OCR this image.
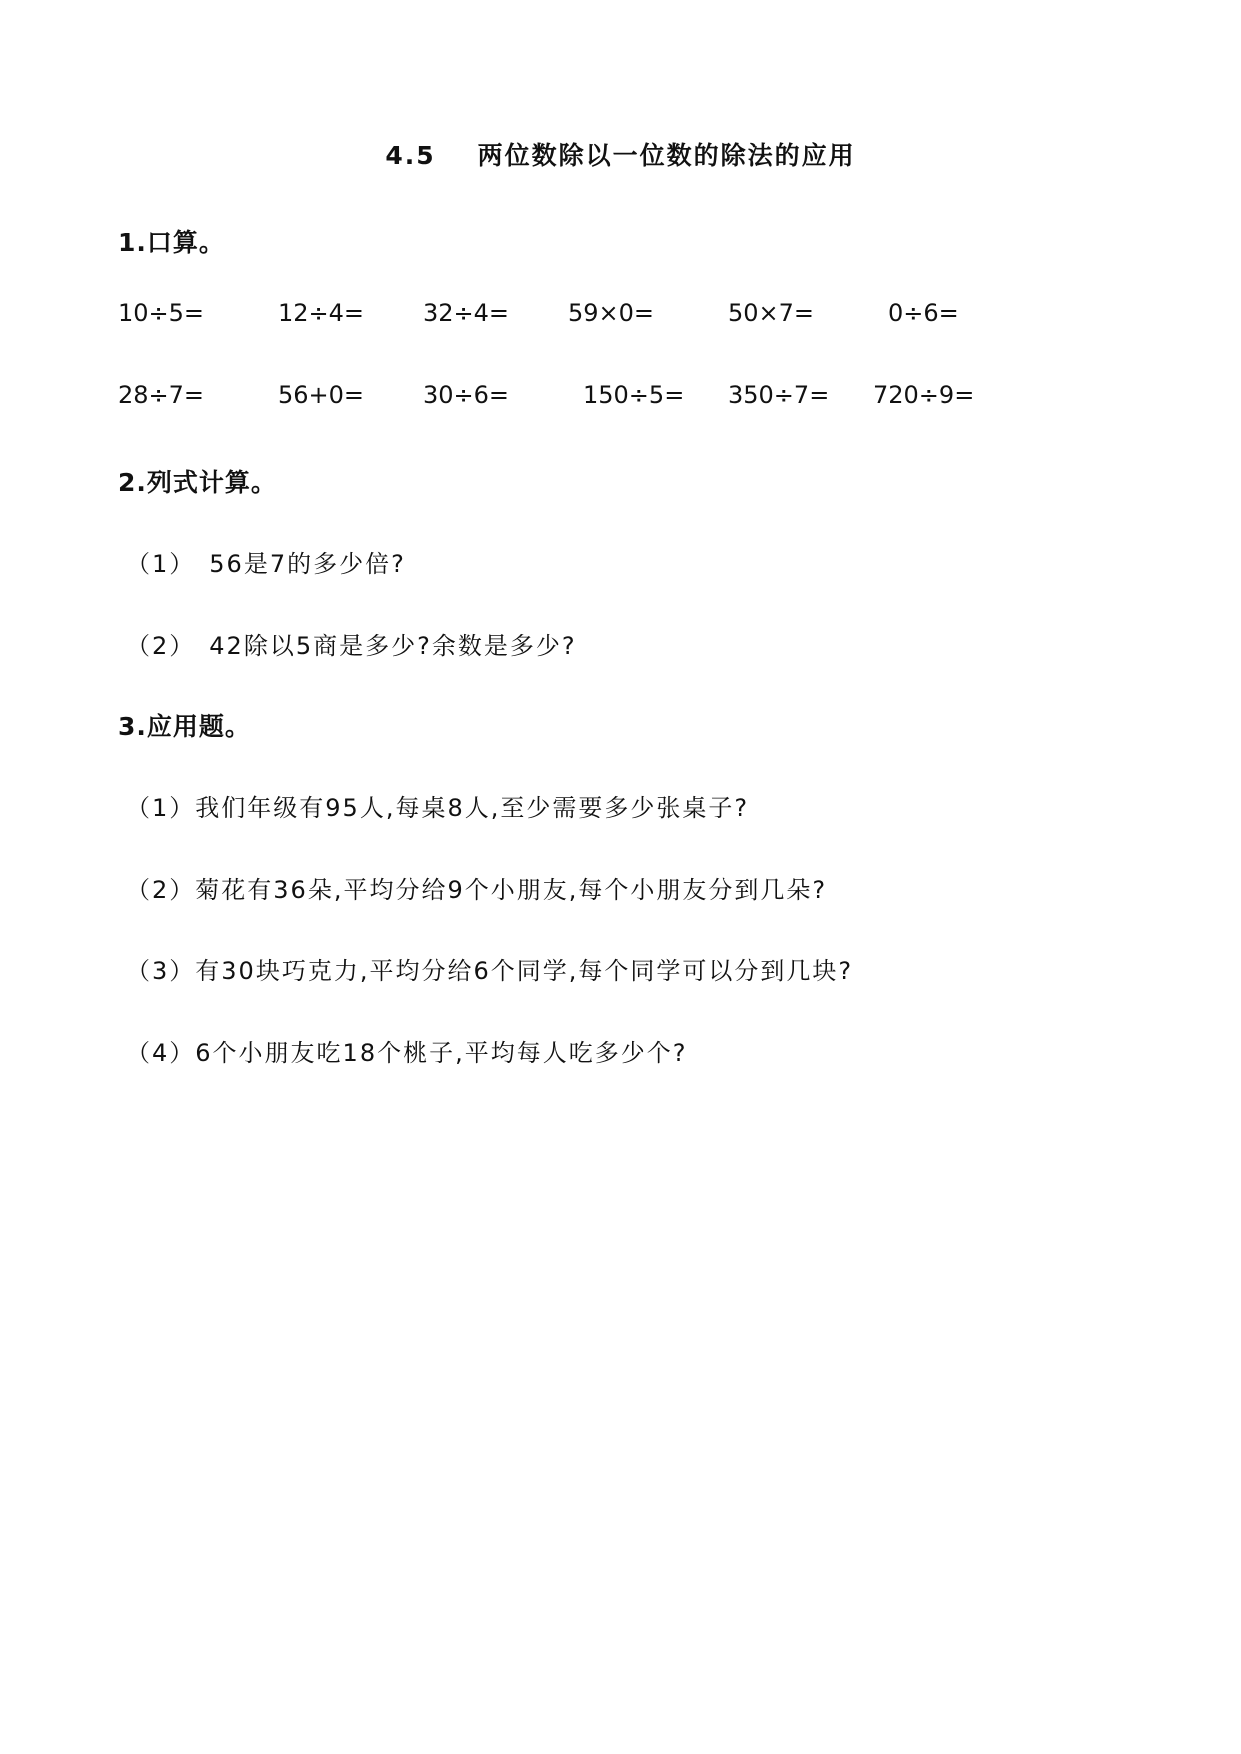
4.5 两位数除以一位数的除法的应用
1.口算。
10÷5=	12÷4= 32÷4= 59×0=	50×7=	0÷6=
28÷7=	56+0= 30÷6=	150÷5= 350÷7= 720÷9=
2.列式计算。
（1） 56是7的多少倍?
（2） 42除以5商是多少?余数是多少?
3.应用题。
（1）我们年级有95人,每桌8人,至少需要多少张桌子?
（2）菊花有36朵,平均分给9个小朋友,每个小朋友分到几朵?
（3）有30块巧克力,平均分给6个同学,每个同学可以分到几块?
（4）6个小朋友吃18个桃子,平均每人吃多少个?
